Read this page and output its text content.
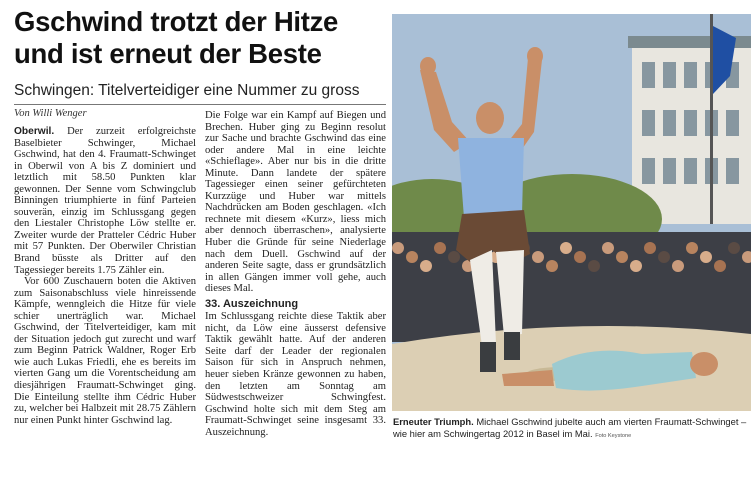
Gschwind trotzt der Hitze
und ist erneut der Beste
Schwingen: Titelverteidiger eine Nummer zu gross
Von Willi Wenger

Oberwil. Der zurzeit erfolgreichste Baselbieter Schwinger, Michael Gschwind, hat den 4. Fraumatt-Schwinget in Oberwil von A bis Z dominiert und letztlich mit 58.50 Punkten klar gewonnen. Der Senne vom Schwingclub Binningen triumphierte in fünf Parteien souverän, einzig im Schlussgang gegen den Liestaler Christophe Löw stellte er. Zweiter wurde der Pratteler Cédric Huber mit 57 Punkten. Der Oberwiler Christian Brand büsste als Dritter auf den Tagessieger bereits 1.75 Zähler ein.

Vor 600 Zuschauern boten die Aktiven zum Saisonabschluss viele hinreissende Kämpfe, wenngleich die Hitze für viele schier unerträglich war. Michael Gschwind, der Titelverteidiger, kam mit der Situation jedoch gut zurecht und warf zum Beginn Patrick Waldner, Roger Erb wie auch Lukas Friedli, ehe es bereits im vierten Gang um die Vorentscheidung am diesjährigen Fraumatt-Schwinget ging. Die Einteilung stellte ihm Cédric Huber zu, welcher bei Halbzeit mit 28.75 Zählern nur einen Punkt hinter Gschwind lag.

Die Folge war ein Kampf auf Biegen und Brechen. Huber ging zu Beginn resolut zur Sache und brachte Gschwind das eine oder andere Mal in eine leichte «Schieflage». Aber nur bis in die dritte Minute. Dann landete der spätere Tagessieger einen seiner gefürchteten Kurzzüge und Huber war mittels Nachdrücken am Boden geschlagen. «Ich rechnete mit diesem «Kurz», liess mich aber dennoch überraschen», analysierte Huber die Gründe für seine Niederlage nach dem Duell. Gschwind auf der anderen Seite sagte, dass er grundsätzlich in allen Gängen immer voll gehe, auch dieses Mal.

33. Auszeichnung

Im Schlussgang reichte diese Taktik aber nicht, da Löw eine äusserst defensive Taktik gewählt hatte. Auf der anderen Seite darf der Leader der regionalen Saison für sich in Anspruch nehmen, heuer sieben Kränze gewonnen zu haben, den letzten am Sonntag am Südwestschweizer Schwingfest. Gschwind holte sich mit dem Steg am Fraumatt-Schwinget seine insgesamt 33. Auszeichnung.

Erneuter Triumph. Michael Gschwind jubelte auch am vierten Fraumatt-Schwinget – wie hier am Schwingertag 2012 in Basel im Mai. Foto Keystone
